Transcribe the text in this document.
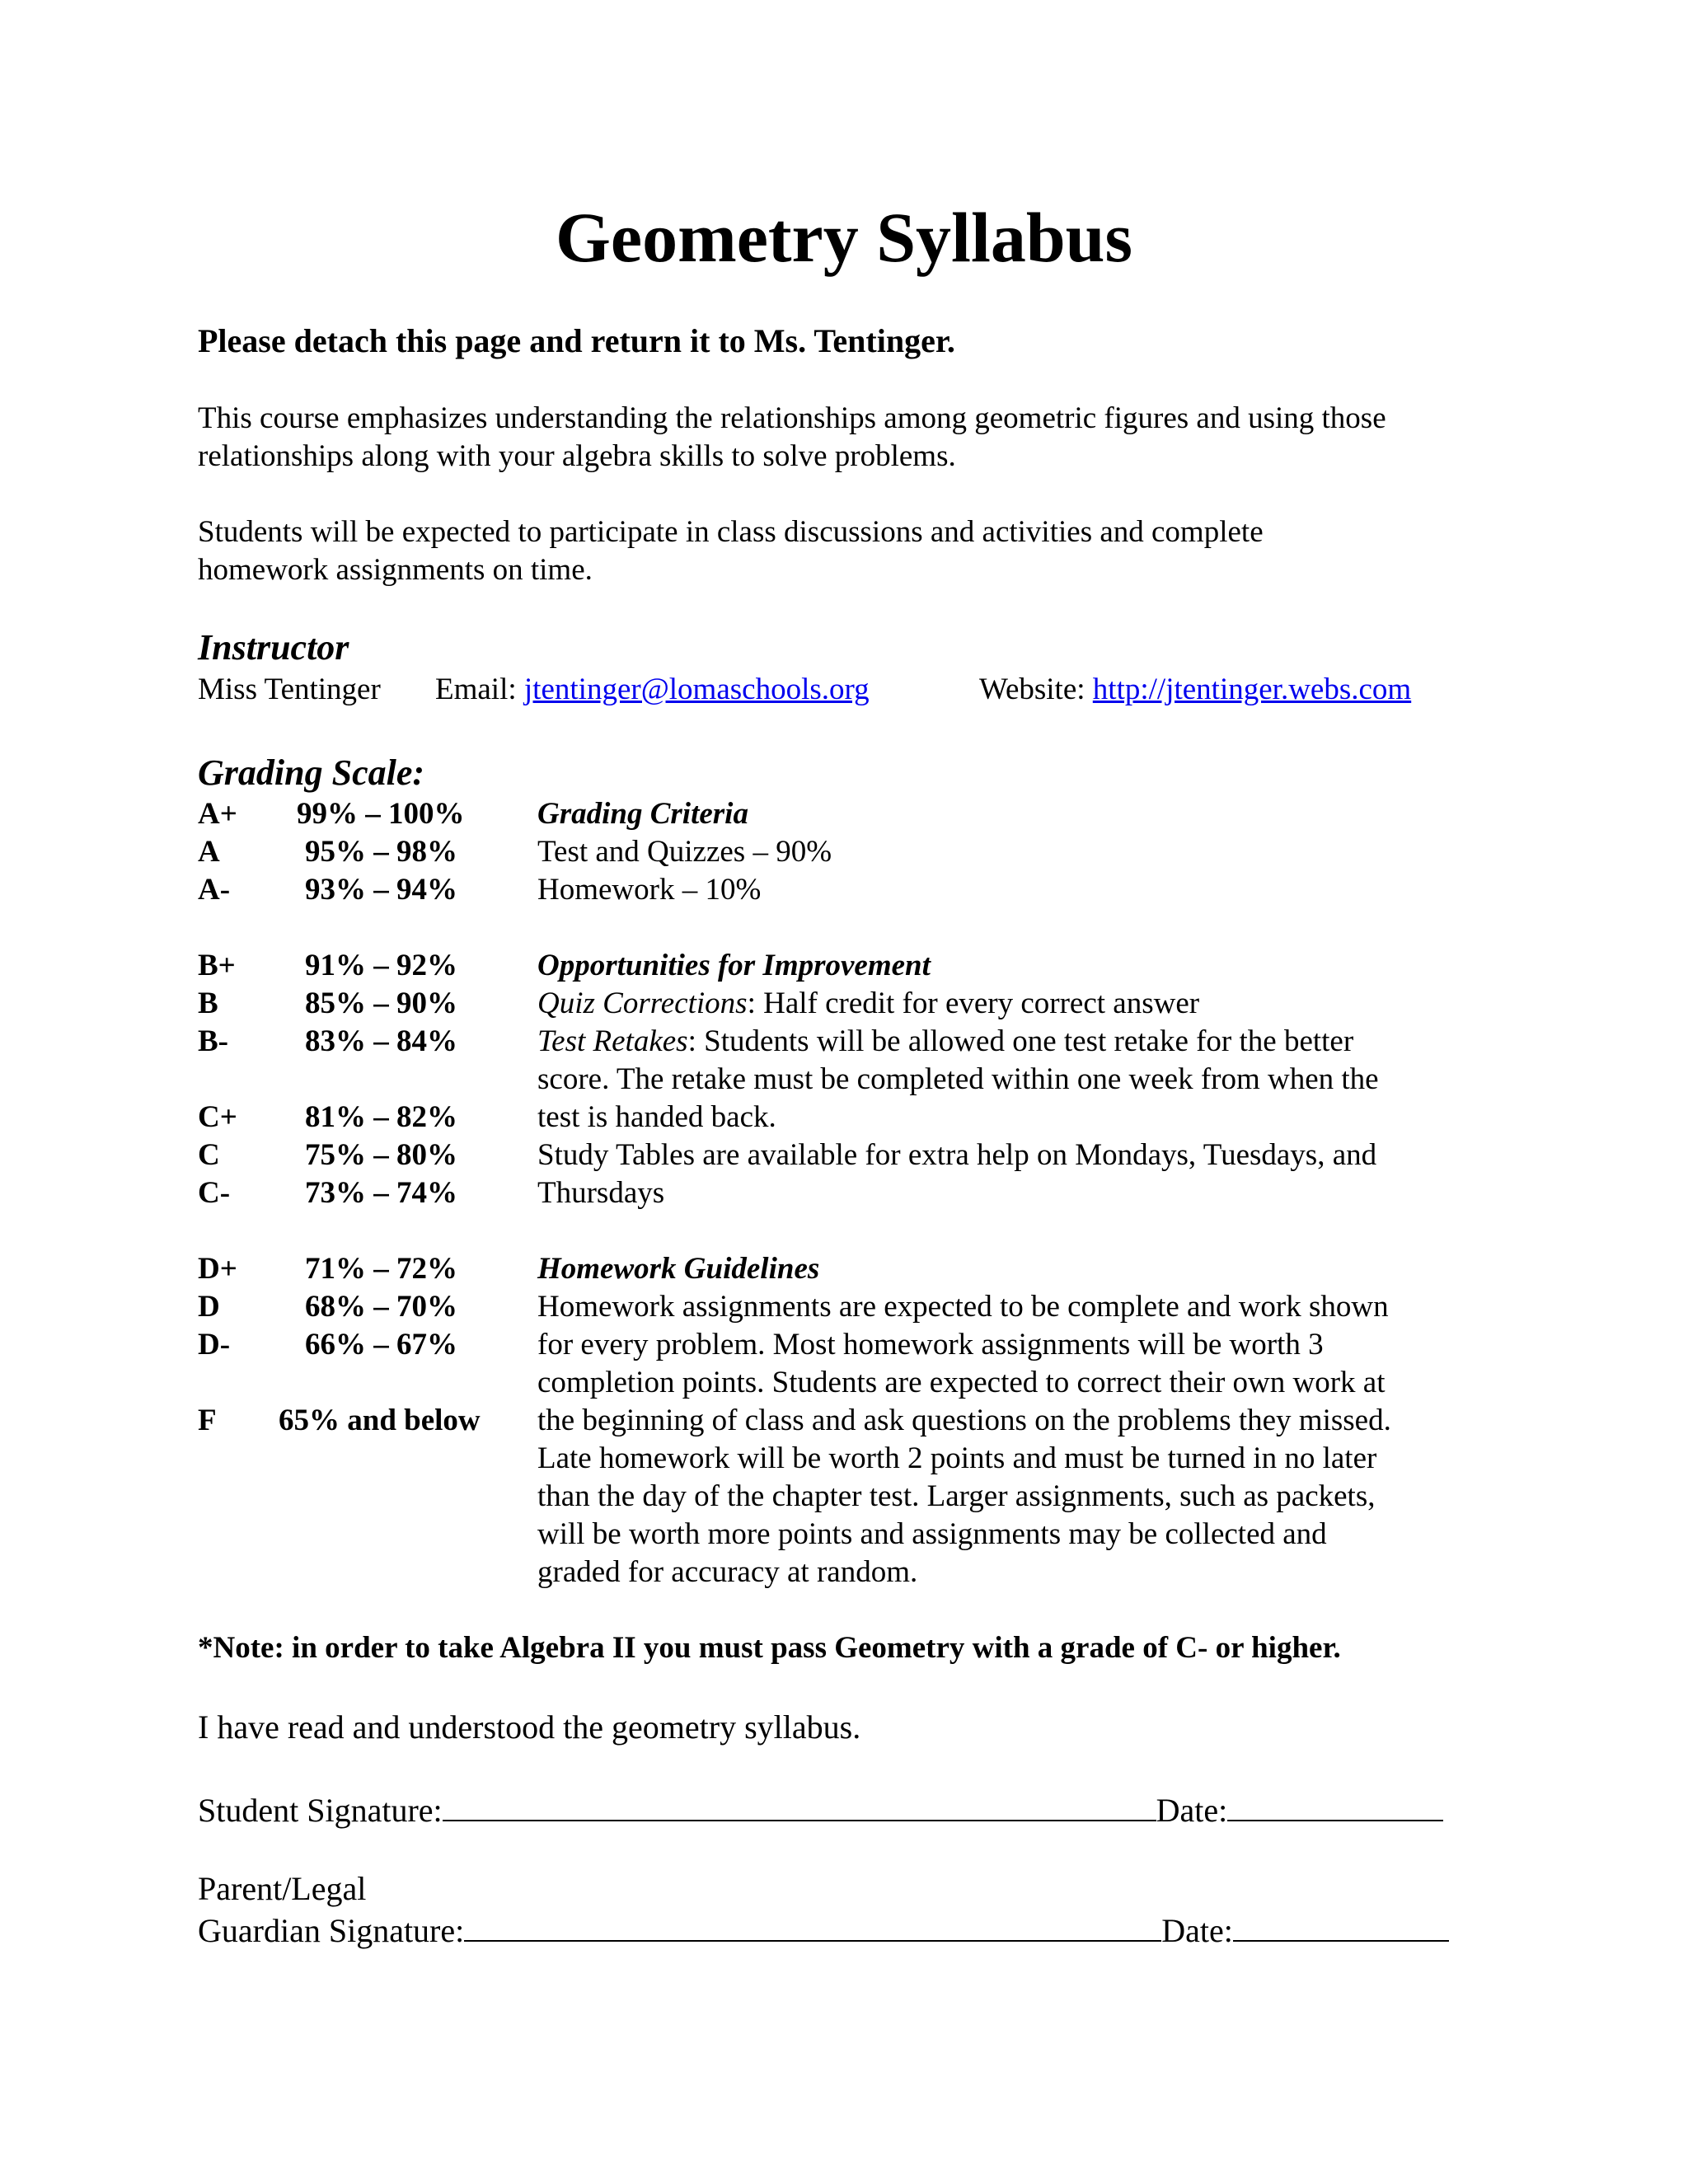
Geometry Syllabus
Please detach this page and return it to Ms. Tentinger.
This course emphasizes understanding the relationships among geometric figures and using those
relationships along with your algebra skills to solve problems.
Students will be expected to participate in class discussions and activities and complete
homework assignments on time.
Instructor
Miss Tentinger Email: jtentinger@lomaschools.org	Website: http://jtentinger.webs.com
Grading Scale:
A+ 99% – 100%
A	95% – 98%
A- 93% – 94%
B+ 91% – 92%
B	85% – 90%
B-	83% – 84%
C+ 81% – 82%
C	75% – 80%
C- 73% – 74%
D+ 71% – 72%
D	68% – 70%
D- 66% – 67%
F 65% and below
Grading Criteria
Test and Quizzes – 90%
Homework – 10%
Opportunities for Improvement
Quiz Corrections: Half credit for every correct answer
Test Retakes: Students will be allowed one test retake for the better
score. The retake must be completed within one week from when the
test is handed back.
Study Tables are available for extra help on Mondays, Tuesdays, and
Thursdays
Homework Guidelines
Homework assignments are expected to be complete and work shown
for every problem. Most homework assignments will be worth 3
completion points. Students are expected to correct their own work at
the beginning of class and ask questions on the problems they missed.
Late homework will be worth 2 points and must be turned in no later
than the day of the chapter test. Larger assignments, such as packets,
will be worth more points and assignments may be collected and
graded for accuracy at random.
*Note: in order to take Algebra II you must pass Geometry with a grade of C- or higher.
I have read and understood the geometry syllabus.
Student Signature:	Date:
Parent/Legal
Guardian Signature:	Date:
